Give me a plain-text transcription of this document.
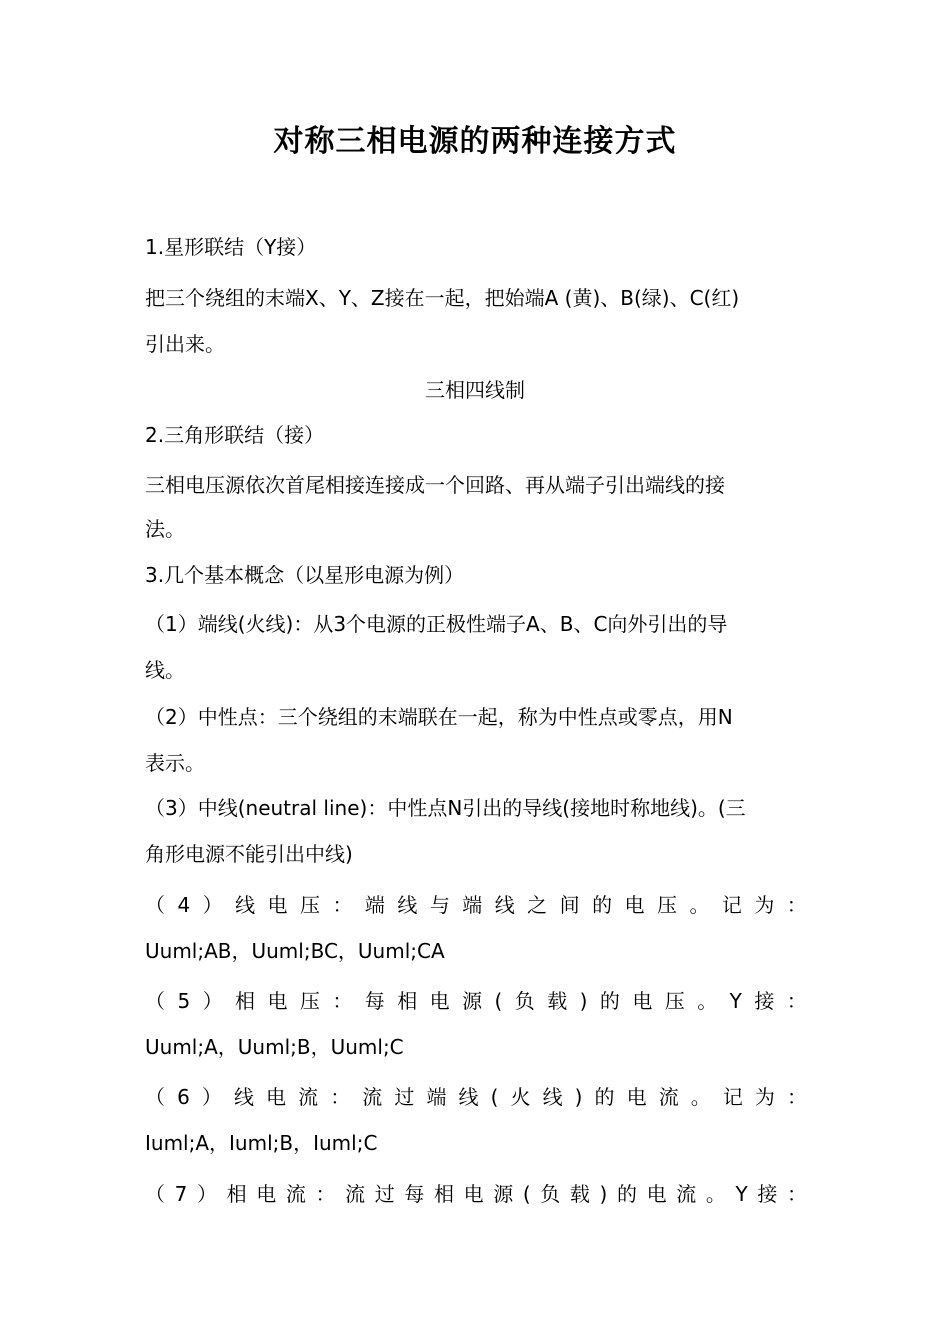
对称三相电源的两种连接方式
1.星形联结（Y接）
把三个绕组的末端X、Y、Z接在一起，把始端A (黄)、B(绿)、C(红)
引出来。
三相四线制
2.三角形联结（接）
三相电压源依次首尾相接连接成一个回路、再从端子引出端线的接
法。
3.几个基本概念（以星形电源为例）
（1）端线(火线)：从3个电源的正极性端子A、B、C向外引出的导
线。
（2）中性点：三个绕组的末端联在一起，称为中性点或零点，用N
表示。
（3）中线(neutral line)：中性点N引出的导线(接地时称地线)。(三
角形电源不能引出中线)
（ 4 ） 线 电 压 ： 端 线 与 端 线 之 间 的 电 压 。 记 为 ：
Uuml;AB，Uuml;BC，Uuml;CA
（ 5 ） 相 电 压 ： 每 相 电 源 ( 负 载 ) 的 电 压 。 Y 接 ：
Uuml;A，Uuml;B，Uuml;C
（ 6 ） 线 电 流 ： 流 过 端 线 ( 火 线 ) 的 电 流 。 记 为 ：
Iuml;A，Iuml;B，Iuml;C
（ 7 ） 相 电 流 ： 流 过 每 相 电 源 ( 负 载 ) 的 电 流 。 Y 接 ：
